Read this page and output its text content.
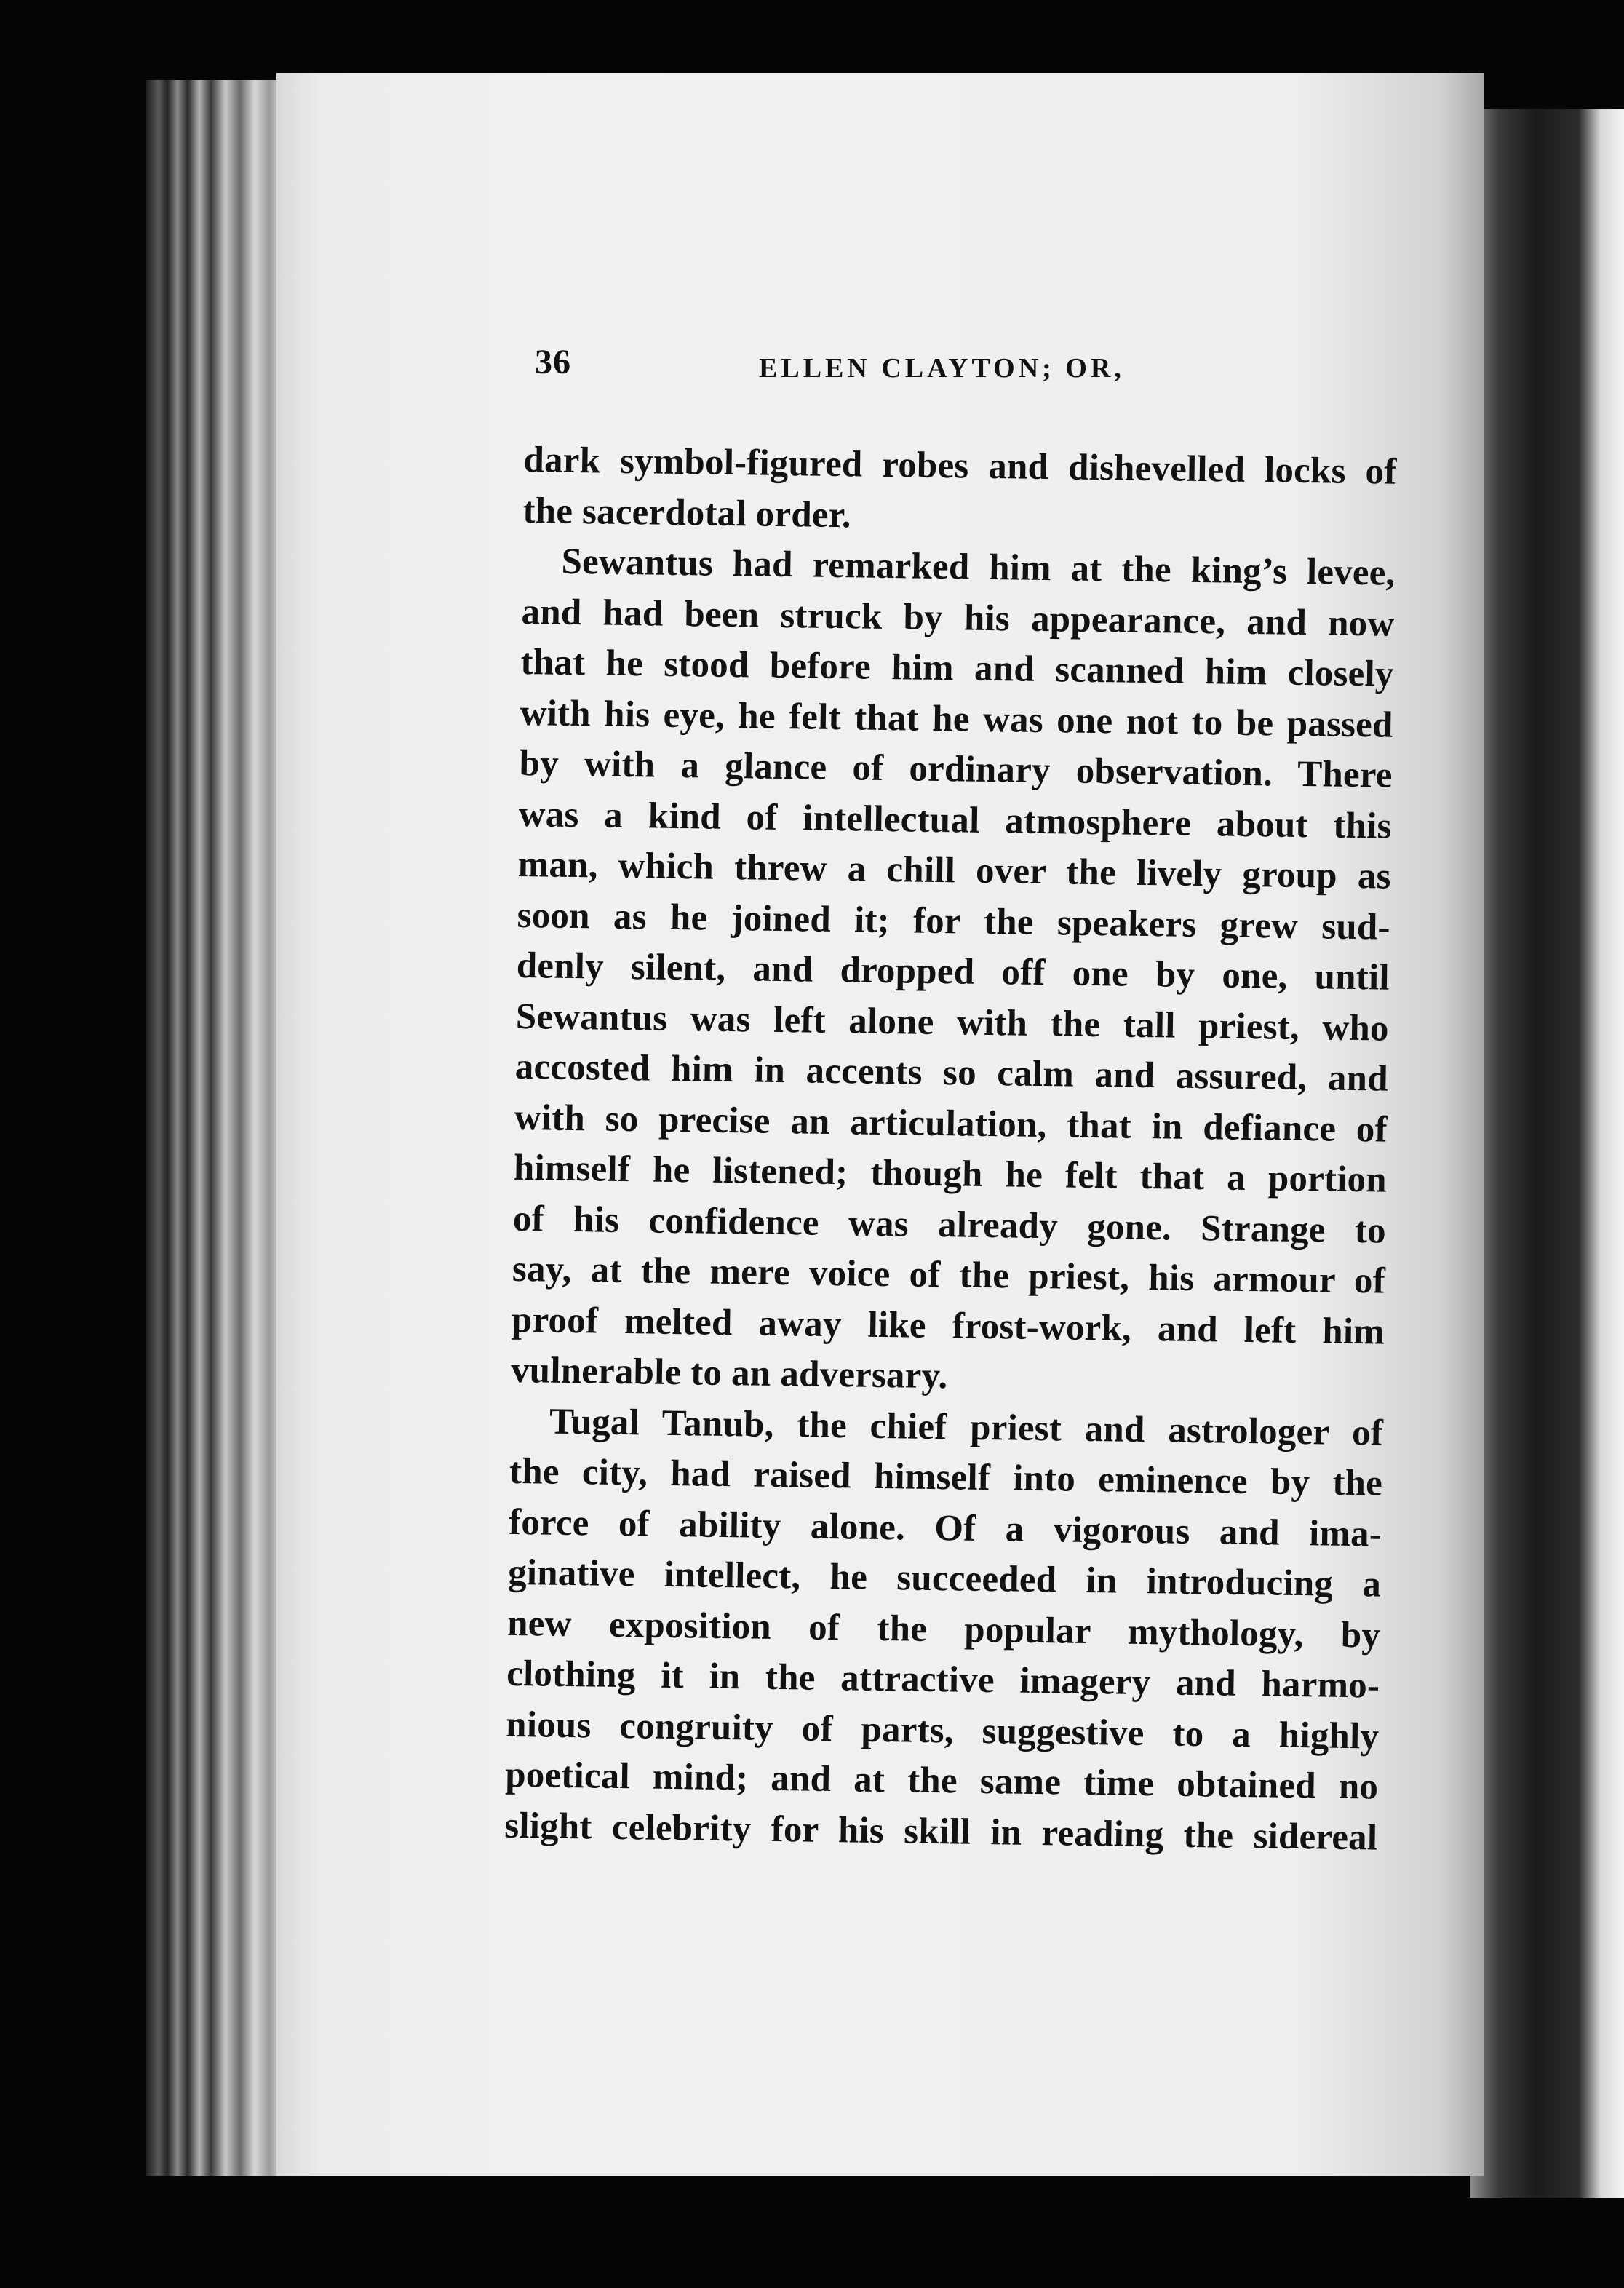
36	ELLEN CLAYTON; OR,
dark symbol-figured robes and dishevelled locks of
the sacerdotal order.
Sewantus had remarked him at the king’s levee,
and had been struck by his appearance, and now
that he stood before him and scanned him closely
with his eye, he felt that he was one not to be passed
by with a glance of ordinary observation. There
was a kind of intellectual atmosphere about this
man, which threw a chill over the lively group as
soon as he joined it; for the speakers grew sud-
denly silent, and dropped off one by one, until
Sewantus was left alone with the tall priest, who
accosted him in accents so calm and assured, and
with so precise an articulation, that in defiance of
himself he listened; though he felt that a portion
of his confidence was already gone. Strange to
say, at the mere voice of the priest, his armour of
proof melted away like frost-work, and left him
vulnerable to an adversary.
Tugal Tanub, the chief priest and astrologer of
the city, had raised himself into eminence by the
force of ability alone. Of a vigorous and ima-
ginative intellect, he succeeded in introducing a
new exposition of the popular mythology, by
clothing it in the attractive imagery and harmo-
nious congruity of parts, suggestive to a highly
poetical mind; and at the same time obtained no
slight celebrity for his skill in reading the sidereal
